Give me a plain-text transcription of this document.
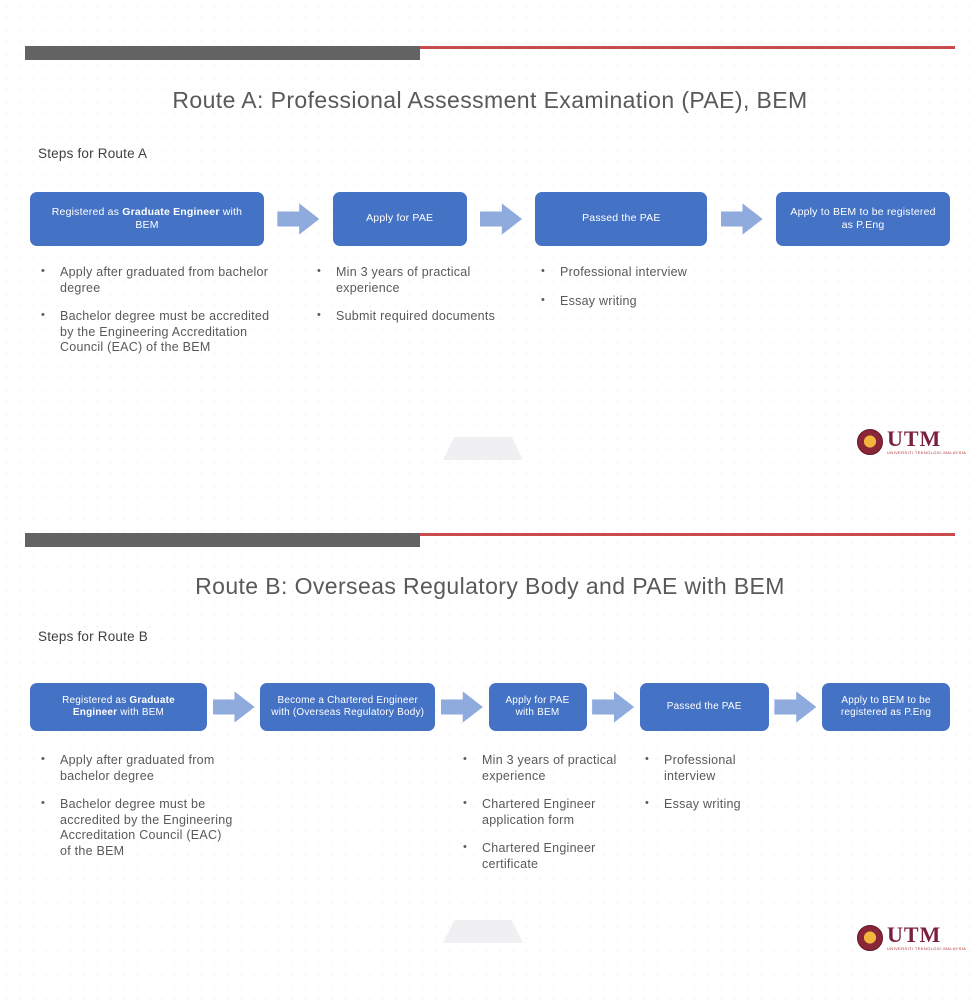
Route A: Professional Assessment Examination (PAE), BEM
Steps for Route A
Registered as Graduate Engineer with BEM
Apply for PAE	Passed the PAE
Apply to BEM to be registered as P.Eng
• Apply after graduated from bachelor degree
• Bachelor degree must be accredited by the Engineering Accreditation Council (EAC) of the BEM
• Min 3 years of practical experience
• Submit required documents
• Professional interview
• Essay writing
UTM
UNIVERSITI TEKNOLOGI MALAYSIA
Route B: Overseas Regulatory Body and PAE with BEM
Steps for Route B
Registered as Graduate Engineer with BEM
Become a Chartered Engineer with (Overseas Regulatory Body)
Apply for PAE with BEM
Passed the PAE
Apply to BEM to be registered as P.Eng
• Apply after graduated from bachelor degree
• Bachelor degree must be accredited by the Engineering Accreditation Council (EAC) of the BEM
• Min 3 years of practical experience
• Chartered Engineer application form
• Chartered Engineer certificate
• Professional interview
• Essay writing
UTM
UNIVERSITI TEKNOLOGI MALAYSIA
